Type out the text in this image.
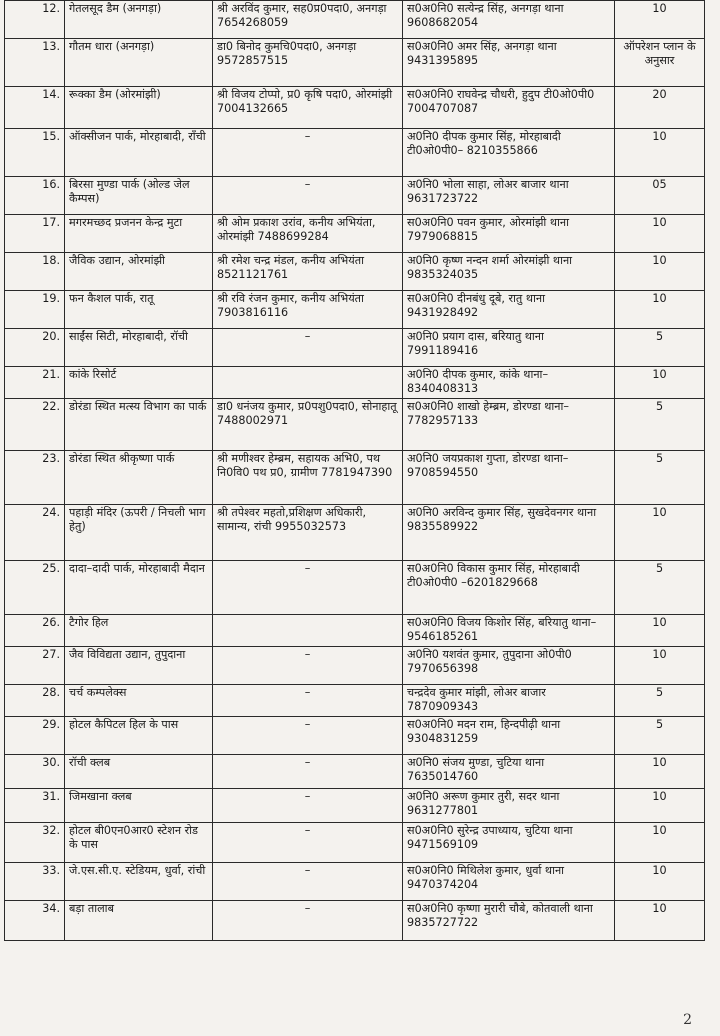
12.	गेतलसूद डैम (अनगड़ा)	श्री अरविंद कुमार, सह0प्र0पदा0, अनगड़ा 7654268059	स0अ0नि0 सत्येन्द्र सिंह, अनगड़ा थाना 9608682054	10
13.	गौतम धारा (अनगड़ा)	डा0 बिनोद कुमचि0पदा0, अनगड़ा 9572857515	स0अ0नि0 अमर सिंह, अनगड़ा थाना 9431395895	ऑपरेशन प्लान के अनुसार
14.	रूक्का डैम (ओरमांझी)	श्री विजय टोप्पो, प्र0 कृषि पदा0, ओरमांझी 7004132665	स0अ0नि0 राघवेन्द्र चौधरी, हुदुप टी0ओ0पी0 7004707087	20
15.	ऑक्सीजन पार्क, मोरहाबादी, राँची	–	अ0नि0 दीपक कुमार सिंह, मोरहाबादी टी0ओ0पी0– 8210355866	10
16.	बिरसा मुण्डा पार्क (ओल्ड जेल कैम्पस)	–	अ0नि0 भोला साहा, लोअर बाजार थाना 9631723722	05
17.	मगरमच्छद प्रजनन केन्द्र मुटा	श्री ओम प्रकाश उरांव, कनीय अभियंता, ओरमांझी 7488699284	स0अ0नि0 पवन कुमार, ओरमांझी थाना 7979068815	10
18.	जैविक उद्यान, ओरमांझी	श्री रमेश चन्द्र मंडल, कनीय अभियंता 8521121761	अ0नि0 कृष्ण नन्दन शर्मा ओरमांझी थाना 9835324035	10
19.	फन कैशल पार्क, रातू	श्री रवि रंजन कुमार, कनीय अभियंता 7903816116	स0अ0नि0 दीनबंधु दूबे, रातु थाना 9431928492	10
20.	साईंस सिटी, मोरहाबादी, रॉची	–	अ0नि0 प्रयाग दास, बरियातु थाना 7991189416	5
21.	कांके रिसोर्ट		अ0नि0 दीपक कुमार, कांके थाना–8340408313	10
22.	डोरंडा स्थित मत्स्य विभाग का पार्क	डा0 धनंजय कुमार, प्र0पशु0पदा0, सोनाहातू 7488002971	स0अ0नि0 शाखो हेम्ब्रम, डोरण्डा थाना– 7782957133	5
23.	डोरंडा स्थित श्रीकृष्णा पार्क	श्री मणीश्वर हेम्ब्रम, सहायक अभि0, पथ नि0वि0 पथ प्र0, ग्रामीण 7781947390	अ0नि0 जयप्रकाश गुप्ता, डोरण्डा थाना–9708594550	5
24.	पहाड़ी मंदिर (ऊपरी / निचली भाग हेतु)	श्री तपेश्वर महतो,प्रशिक्षण अधिकारी, सामान्य, रांची 9955032573	अ0नि0 अरविन्द कुमार सिंह, सुखदेवनगर थाना 9835589922	10
25.	दादा–दादी पार्क, मोरहाबादी मैदान	–	स0अ0नि0 विकास कुमार सिंह, मोरहाबादी टी0ओ0पी0 –6201829668	5
26.	टैगोर हिल		स0अ0नि0 विजय किशोर सिंह, बरियातु थाना–9546185261	10
27.	जैव विविद्यता उद्यान, तुपुदाना	–	अ0नि0 यशवंत कुमार, तुपुदाना ओ0पी0 7970656398	10
28.	चर्च कम्पलेक्स	–	चन्द्रदेव कुमार मांझी, लोअर बाजार 7870909343	5
29.	होटल कैपिटल हिल के पास	–	स0अ0नि0 मदन राम, हिन्दपीढ़ी थाना 9304831259	5
30.	रॉची क्लब	–	अ0नि0 संजय मुण्डा, चुटिया थाना 7635014760	10
31.	जिमखाना क्लब	–	अ0नि0 अरूण कुमार तुरी, सदर थाना 9631277801	10
32.	होटल बी0एन0आर0 स्टेशन रोड के पास	–	स0अ0नि0 सुरेन्द्र उपाध्याय, चुटिया थाना 9471569109	10
33.	जे.एस.सी.ए. स्टेडियम, धुर्वा, रांची	–	स0अ0नि0 मिथिलेश कुमार, धुर्वा थाना 9470374204	10
34.	बड़ा तालाब	–	स0अ0नि0 कृष्णा मुरारी चौबे, कोतवाली थाना 9835727722	10
2
